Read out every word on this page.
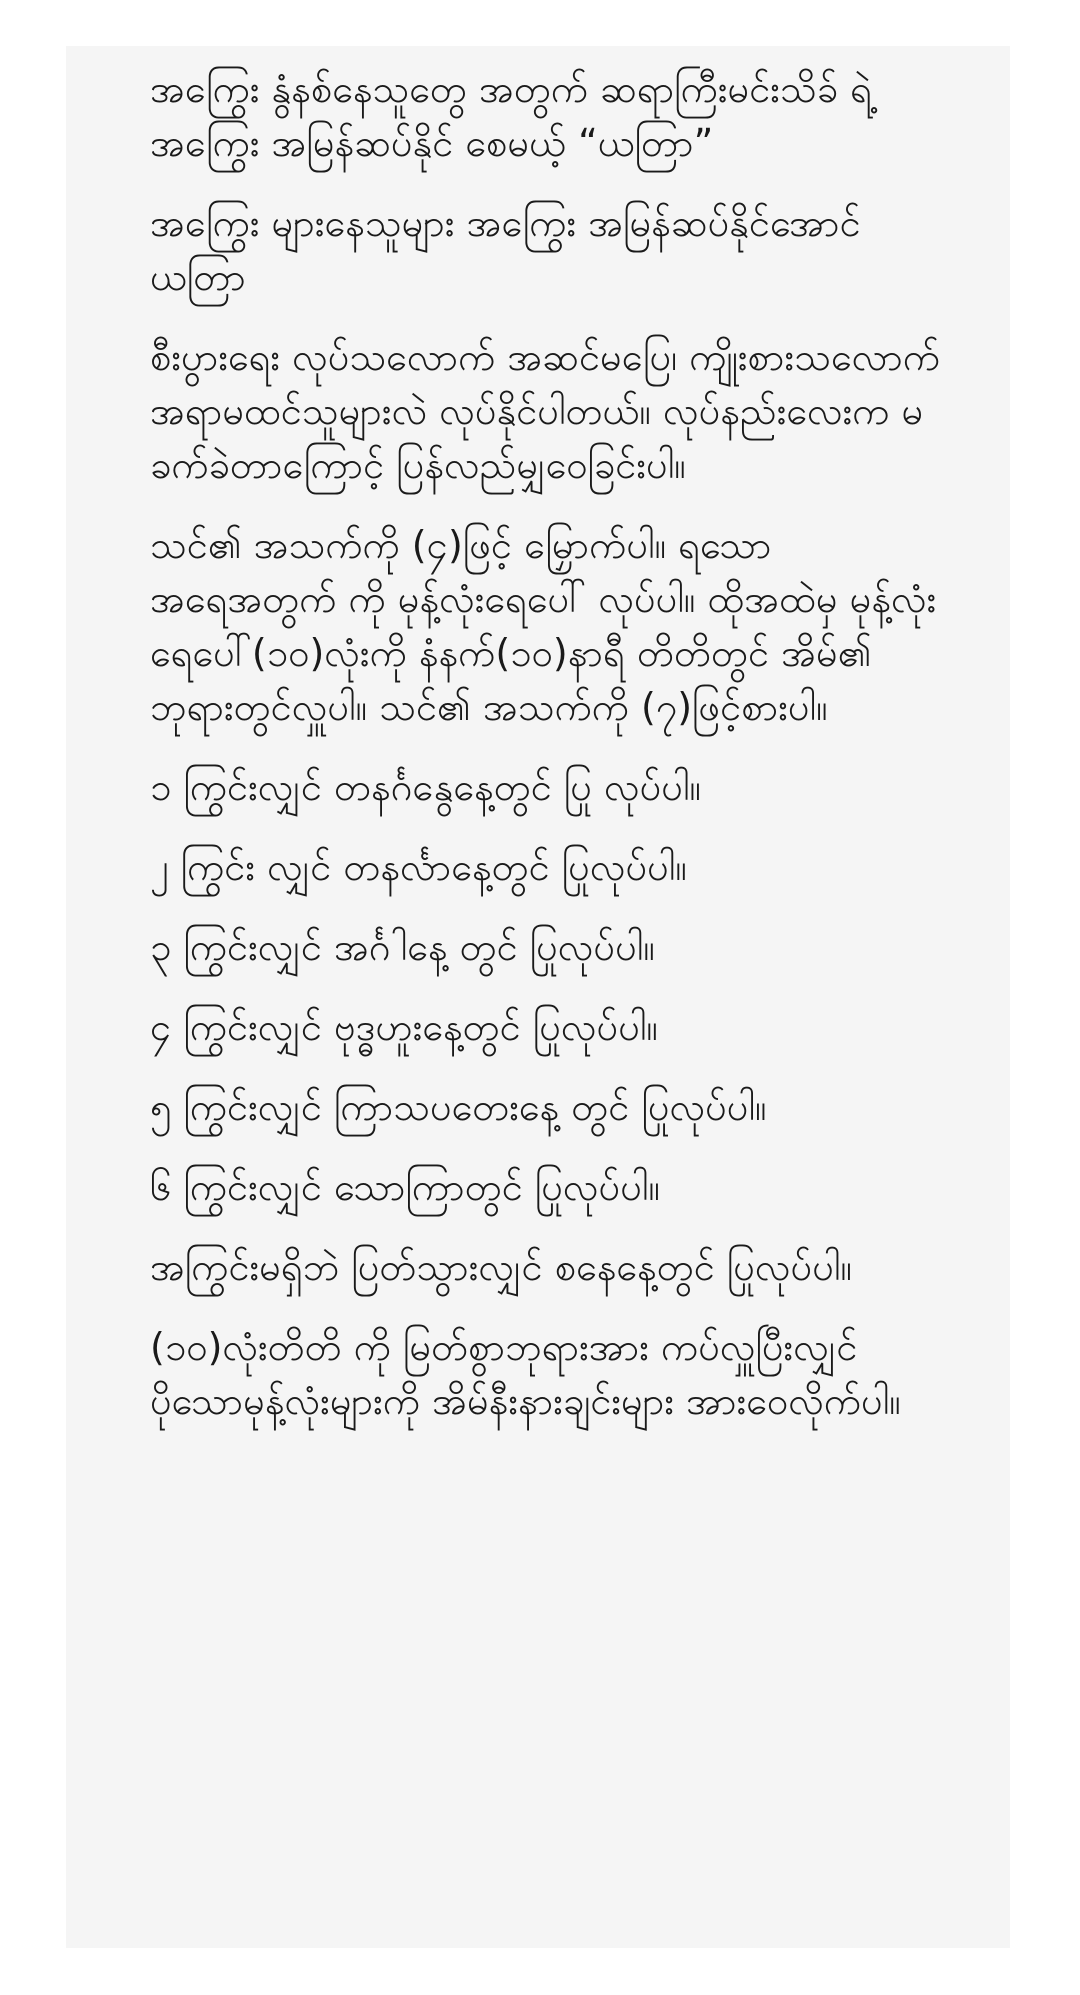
အကြွေး နွံနစ်နေသူတွေ အတွက် ဆရာကြီးမင်းသိခ် ရဲ့ အကြွေး အမြန်ဆပ်နိုင် စေမယ့် “ယတြာ”

အကြွေး များနေသူများ အကြွေး အမြန်ဆပ်နိုင်အောင် ယတြာ

စီးပွားရေး လုပ်သလောက် အဆင်မပြေ၊ ကျိုးစားသလောက် အရာမထင်သူများလဲ လုပ်နိုင်ပါတယ်။ လုပ်နည်းလေးက မခက်ခဲတာကြောင့် ပြန်လည်မျှဝေခြင်းပါ။

သင်၏ အသက်ကို (၄)ဖြင့် မြှောက်ပါ။ ရသော အရေအတွက် ကို မုန့်လုံးရေပေါ် လုပ်ပါ။ ထိုအထဲမှ မုန့်လုံး ရေပေါ်(၁၀)လုံးကို နံနက်(၁၀)နာရီ တိတိတွင် အိမ်၏ ဘုရားတွင်လှူပါ။ သင်၏ အသက်ကို (၇)ဖြင့်စားပါ။

၁ ကြွင်းလျှင် တနင်္ဂနွေနေ့တွင် ပြု လုပ်ပါ။

၂ ကြွင်း လျှင် တနင်္လာနေ့တွင် ပြုလုပ်ပါ။

၃ ကြွင်းလျှင် အင်္ဂါနေ့ တွင် ပြုလုပ်ပါ။

၄ ကြွင်းလျှင် ဗုဒ္ဓဟူးနေ့တွင် ပြုလုပ်ပါ။

၅ ကြွင်းလျှင် ကြာသပတေးနေ့ တွင် ပြုလုပ်ပါ။

၆ ကြွင်းလျှင် သောကြာတွင် ပြုလုပ်ပါ။

အကြွင်းမရှိဘဲ ပြတ်သွားလျှင် စနေနေ့တွင် ပြုလုပ်ပါ။

(၁၀)လုံးတိတိ ကို မြတ်စွာဘုရားအား ကပ်လှူပြီးလျှင် ပိုသောမုန့်လုံးများကို အိမ်နီးနားချင်းများ အားဝေလိုက်ပါ။
